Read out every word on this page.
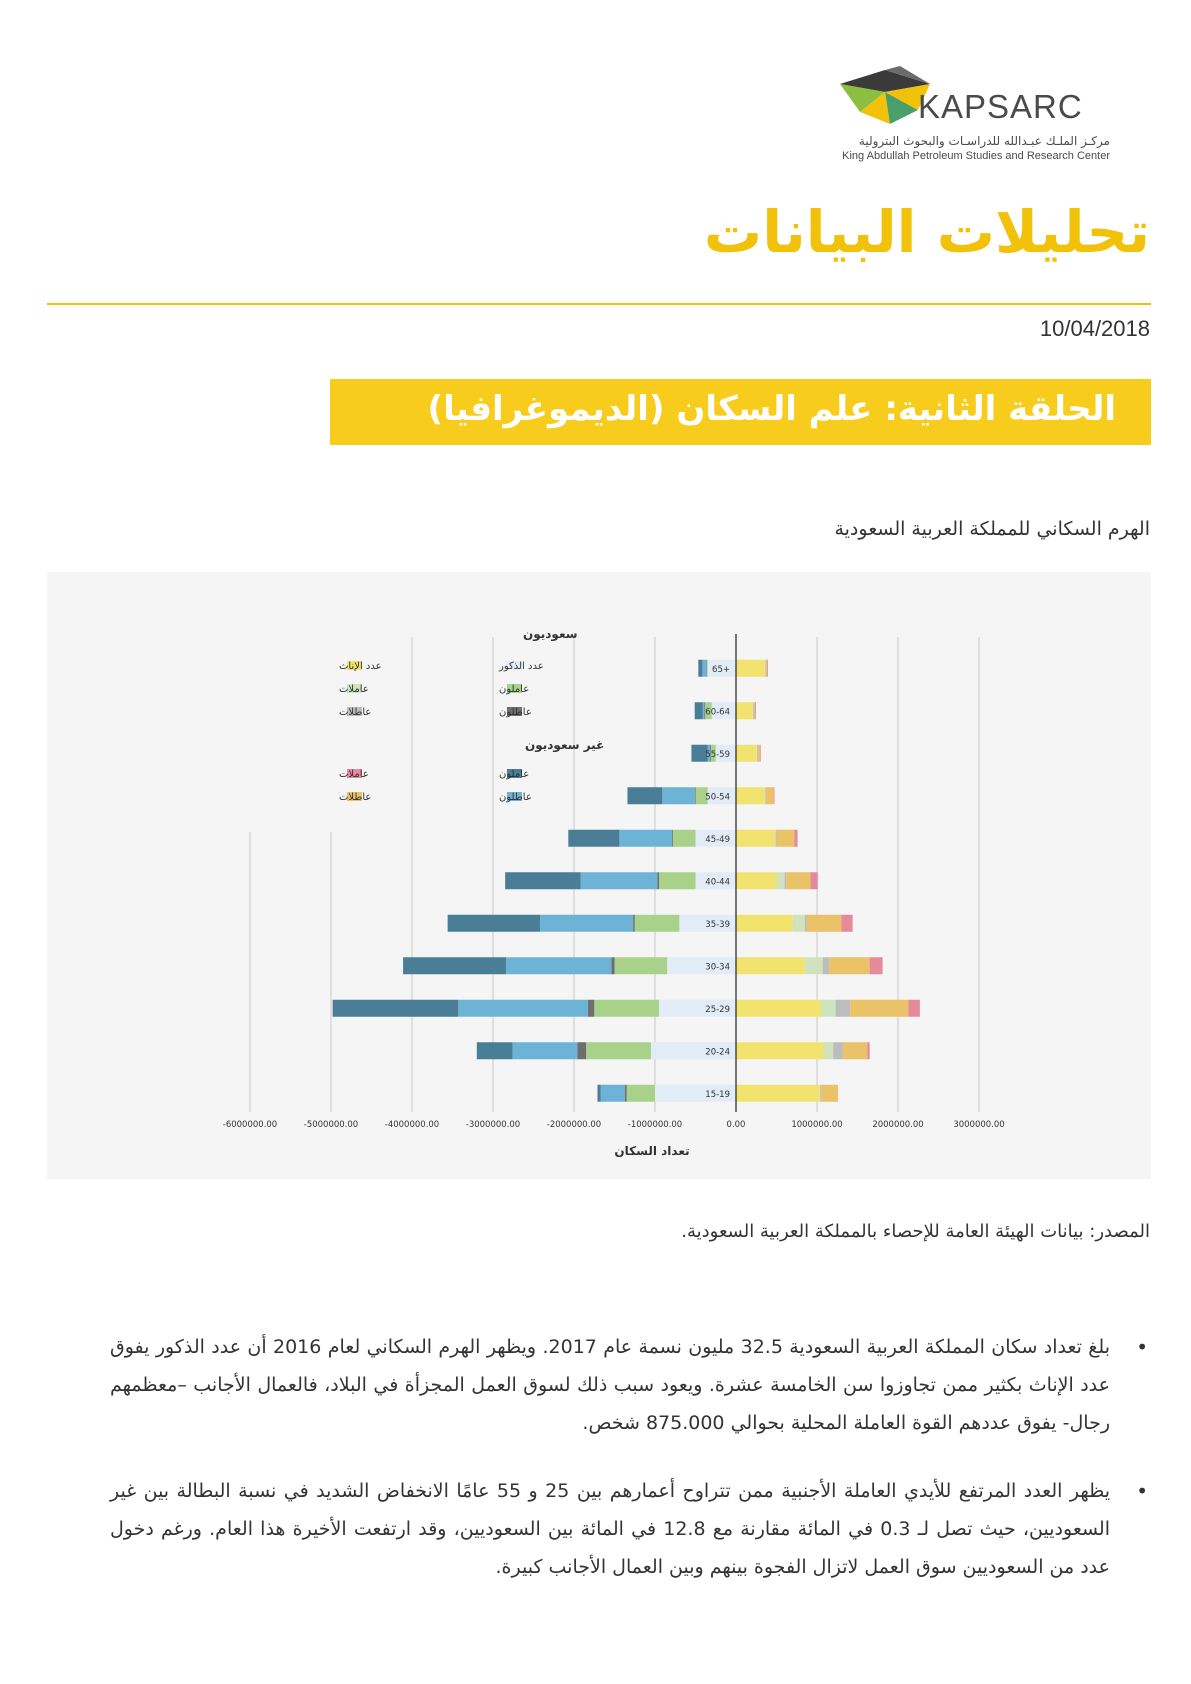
KAPSARC
مركـز الملـك عبـدالله للدراسـات والبحوث البترولية
King Abdullah Petroleum Studies and Research Center
تحليلات البيانات
10/04/2018
الحلقة الثانية: علم السكان (الديموغرافيا)
الهرم السكاني للمملكة العربية السعودية
65+
60-64
55-59
50-54
45-49
40-44
35-39
30-34
25-29
20-24
15-19
-6000000.00	-5000000.00	-4000000.00	-3000000.00	-2000000.00	-1000000.00	0.00	1000000.00	2000000.00	3000000.00
تعداد السكان
سعوديون
عدد الذكور
عاملون
عاطلون
عدد الإناث
عاملات
عاطلات
غير سعوديون
عاملون
عاطلون
عاملات
عاطلات
المصدر: بيانات الهيئة العامة للإحصاء بالمملكة العربية السعودية.
•
بلغ تعداد سكان المملكة العربية السعودية 32.5 مليون نسمة عام 2017. ويظهر الهرم السكاني لعام 2016 أن عدد الذكور يفوق عدد الإناث بكثير ممن تجاوزوا سن الخامسة عشرة. ويعود سبب ذلك لسوق العمل المجزأة في البلاد، فالعمال الأجانب –معظمهم رجال- يفوق عددهم القوة العاملة المحلية بحوالي 875.000 شخص.
•
يظهر العدد المرتفع للأيدي العاملة الأجنبية ممن تتراوح أعمارهم بين 25 و 55 عامًا الانخفاض الشديد في نسبة البطالة بين غير السعوديين، حيث تصل لـ 0.3 في المائة مقارنة مع 12.8 في المائة بين السعوديين، وقد ارتفعت الأخيرة هذا العام. ورغم دخول عدد من السعوديين سوق العمل لاتزال الفجوة بينهم وبين العمال الأجانب كبيرة.
